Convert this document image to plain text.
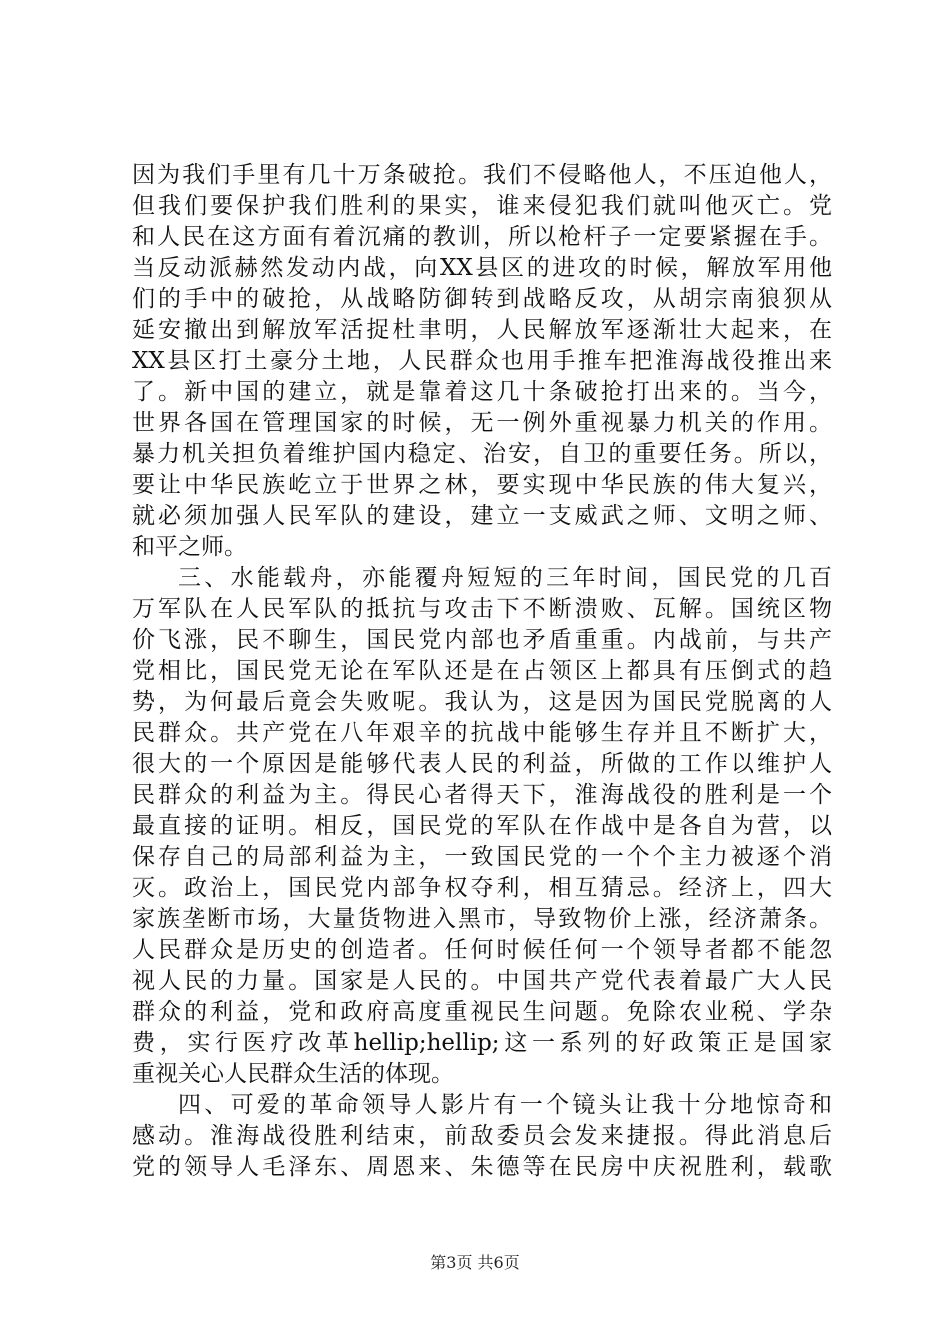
因为我们手里有几十万条破抢。我们不侵略他人，不压迫他人，
但我们要保护我们胜利的果实，谁来侵犯我们就叫他灭亡。党
和人民在这方面有着沉痛的教训，所以枪杆子一定要紧握在手。
当反动派赫然发动内战，向XX县区的进攻的时候，解放军用他
们的手中的破抢，从战略防御转到战略反攻，从胡宗南狼狈从
延安撤出到解放军活捉杜聿明，人民解放军逐渐壮大起来，在
XX县区打土豪分土地，人民群众也用手推车把淮海战役推出来
了。新中国的建立，就是靠着这几十条破抢打出来的。当今，
世界各国在管理国家的时候，无一例外重视暴力机关的作用。
暴力机关担负着维护国内稳定、治安，自卫的重要任务。所以，
要让中华民族屹立于世界之林，要实现中华民族的伟大复兴，
就必须加强人民军队的建设，建立一支威武之师、文明之师、
和平之师。
三、水能载舟，亦能覆舟短短的三年时间，国民党的几百
万军队在人民军队的抵抗与攻击下不断溃败、瓦解。国统区物
价飞涨，民不聊生，国民党内部也矛盾重重。内战前，与共产
党相比，国民党无论在军队还是在占领区上都具有压倒式的趋
势，为何最后竟会失败呢。我认为，这是因为国民党脱离的人
民群众。共产党在八年艰辛的抗战中能够生存并且不断扩大，
很大的一个原因是能够代表人民的利益，所做的工作以维护人
民群众的利益为主。得民心者得天下，淮海战役的胜利是一个
最直接的证明。相反，国民党的军队在作战中是各自为营，以
保存自己的局部利益为主，一致国民党的一个个主力被逐个消
灭。政治上，国民党内部争权夺利，相互猜忌。经济上，四大
家族垄断市场，大量货物进入黑市，导致物价上涨，经济萧条。
人民群众是历史的创造者。任何时候任何一个领导者都不能忽
视人民的力量。国家是人民的。中国共产党代表着最广大人民
群众的利益，党和政府高度重视民生问题。免除农业税、学杂
费，实行医疗改革hellip;hellip;这一系列的好政策正是国家
重视关心人民群众生活的体现。
四、可爱的革命领导人影片有一个镜头让我十分地惊奇和
感动。淮海战役胜利结束，前敌委员会发来捷报。得此消息后
党的领导人毛泽东、周恩来、朱德等在民房中庆祝胜利，载歌
第3页 共6页
